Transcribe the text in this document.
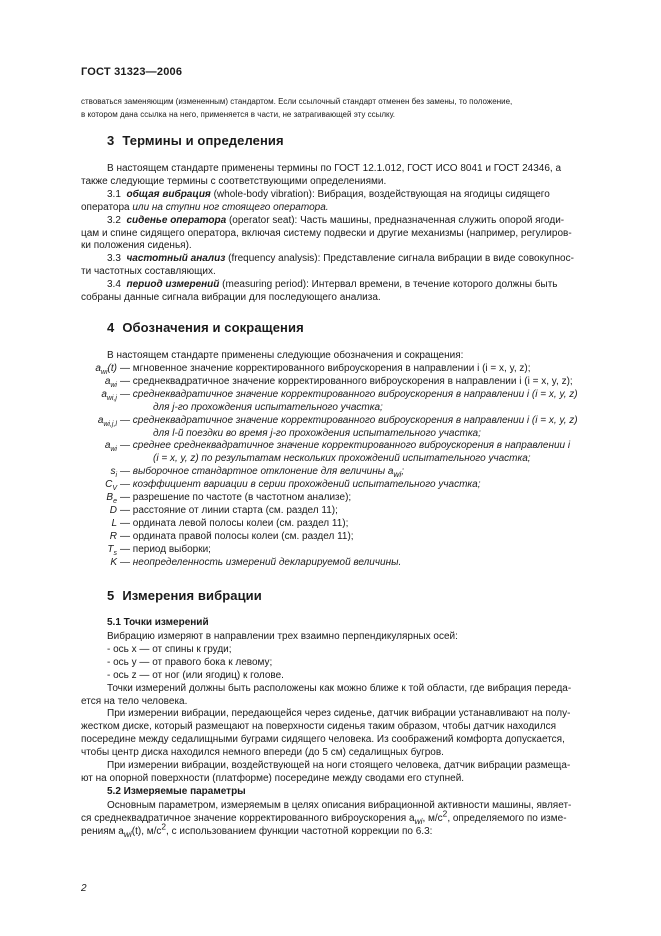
ГОСТ 31323—2006
ствоваться заменяющим (измененным) стандартом. Если ссылочный стандарт отменен без замены, то положение,
в котором дана ссылка на него, применяется в части, не затрагивающей эту ссылку.
3 Термины и определения
В настоящем стандарте применены термины по ГОСТ 12.1.012, ГОСТ ИСО 8041 и ГОСТ 24346, а
также следующие термины с соответствующими определениями.
3.1 общая вибрация (whole-body vibration): Вибрация, воздействующая на ягодицы сидящего
оператора или на ступни ног стоящего оператора.
3.2 сиденье оператора (operator seat): Часть машины, предназначенная служить опорой ягоди-
цам и спине сидящего оператора, включая систему подвески и другие механизмы (например, регулиров-
ки положения сиденья).
3.3 частотный анализ (frequency analysis): Представление сигнала вибрации в виде совокупнос-
ти частотных составляющих.
3.4 период измерений (measuring period): Интервал времени, в течение которого должны быть
собраны данные сигнала вибрации для последующего анализа.
4 Обозначения и сокращения
В настоящем стандарте применены следующие обозначения и сокращения:
$a_{wi}(t)$ — мгновенное значение корректированного виброускорения в направлении i (i = x, y, z);
$a_{wi}$ — среднеквадратичное значение корректированного виброускорения в направлении i (i = x, y, z);
$a_{wi,j}$ — среднеквадратичное значение корректированного виброускорения в направлении i (i = x, y, z)
для j-го прохождения испытательного участка;
$a_{wi,j,l}$ — среднеквадратичное значение корректированного виброускорения в направлении i (i = x, y, z)
для l-й поездки во время j-го прохождения испытательного участка;
$a_{wi}$ — среднее среднеквадратичное значение корректированного виброускорения в направлении i
(i = x, y, z) по результатам нескольких прохождений испытательного участка;
$s_i$ — выборочное стандартное отклонение для величины $a_{wi}$;
$C_V$ — коэффициент вариации в серии прохождений испытательного участка;
$B_e$ — разрешение по частоте (в частотном анализе);
D — расстояние от линии старта (см. раздел 11);
L — ордината левой полосы колеи (см. раздел 11);
R — ордината правой полосы колеи (см. раздел 11);
$T_s$ — период выборки;
K — неопределенность измерений декларируемой величины.
5 Измерения вибрации
5.1 Точки измерений
Вибрацию измеряют в направлении трех взаимно перпендикулярных осей:
- ось x — от спины к груди;
- ось y — от правого бока к левому;
- ось z — от ног (или ягодиц) к голове.
Точки измерений должны быть расположены как можно ближе к той области, где вибрация переда-
ется на тело человека.
При измерении вибрации, передающейся через сиденье, датчик вибрации устанавливают на полу-
жестком диске, который размещают на поверхности сиденья таким образом, чтобы датчик находился
посередине между седалищными буграми сидящего человека. Из соображений комфорта допускается,
чтобы центр диска находился немного впереди (до 5 см) седалищных бугров.
При измерении вибрации, воздействующей на ноги стоящего человека, датчик вибрации размеща-
ют на опорной поверхности (платформе) посередине между сводами его ступней.
5.2 Измеряемые параметры
Основным параметром, измеряемым в целях описания вибрационной активности машины, являет-
ся среднеквадратичное значение корректированного виброускорения $a_{wi}$, $м/с^2$, определяемого по изме-
рениям $a_{wi}(t)$, $м/с^2$, с использованием функции частотной коррекции по 6.3:
2
